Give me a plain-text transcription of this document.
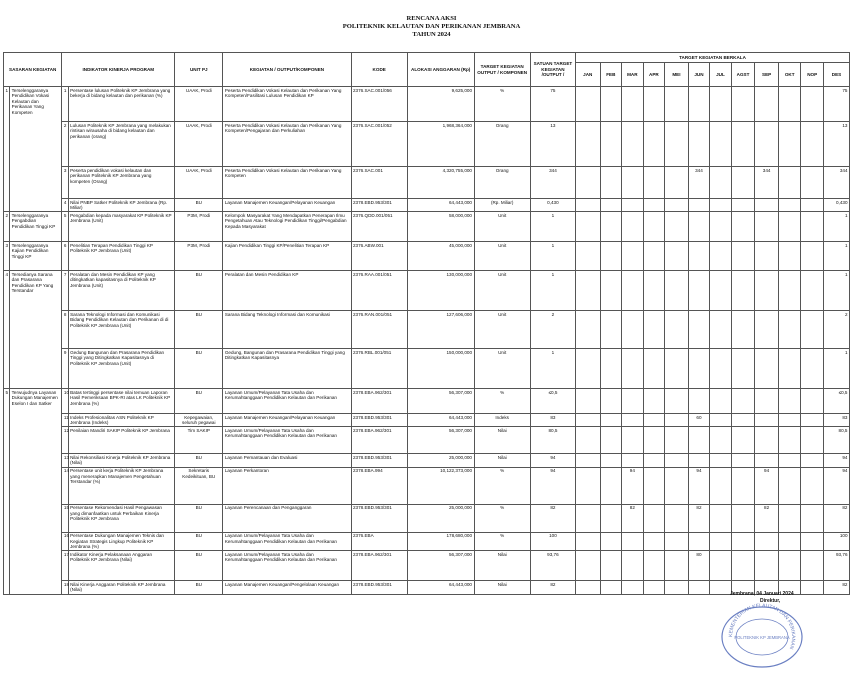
RENCANA AKSI
POLITEKNIK KELAUTAN DAN PERIKANAN JEMBRANA
TAHUN 2024
SASARAN KEGIATAN		INDIKATOR KINERJA PROGRAM		UNIT PJ	KEGIATAN / OUTPUT/KOMPONEN	KODE	ALOKASI ANGGARAN (Rp)	TARGET KEGIATAN OUTPUT / KOMPONEN	SATUAN TARGET KEGIATAN /OUTPUT /	TARGET KEGIATAN BERKALA											
										JAN	FEB	MAR	APR	MEI	JUN	JUL	AGST	SEP	OKT	NOP	DES
1	Terselenggaranya Pendidikan Vokasi Kelautan dan Perikanan Yang Kompeten	1	Persentase lulusan Politeknik KP Jembrana yang bekerja di bidang kelautan dan perikanan (%)	UAAK, Prodi	Peserta Pendidikan Vokasi Kelautan dan Perikanan Yang Kompeten/Fasilitasi Lulusan Pendidikan KP	2376.SAC.001/056	9,625,000	%	75												75
		2	Lulusan Politeknik KP Jembrana yang melakukan rintisan wirausaha di bidang kelautan dan perikanan (orang)	UAAK, Prodi	Peserta Pendidikan Vokasi Kelautan dan Perikanan Yang Kompeten/Pengajaran dan Perkuliahan	2376.SAC.001/052	1,968,364,000	Orang	13												13
		3	Peserta pendidikan vokasi kelautan dan perikanan Politeknik KP Jembrana yang kompeten (Orang)	UAAK, Prodi	Peserta Pendidikan Vokasi Kelautan dan Perikanan Yang Kompeten	2376.SAC.001	4,320,755,000	Orang	344						344			344			344
		4	Nilai PNBP Satker Politeknik KP Jembrana (Rp. Miliar)	BU	Layanan Manajemen Keuangan/Pelayanan Keuangan	2378.EBD.953/301	64,443,000	(Rp. Miliar)	0,430												0,430
2	Terselenggaranya Pengabdian Pendidikan Tinggi KP	5	Pengabdian kepada masyarakat KP Politeknik KP Jembrana (Unit)	P3M, Prodi	Kelompok Masyarakat Yang Mendapatkan Penerapan Ilmu Pengetahuan Atau Teknologi Pendidikan Tinggi/Pengabdian Kepada Masyarakat	2376.QDD.001/051	58,000,000	Unit	1												1
3	Terselenggaranya Kajian Pendidikan Tinggi KP	6	Penelitian Terapan Pendidikan Tinggi KP Politeknik KP Jembrana (Unit)	P3M, Prodi	Kajian Pendidikan Tinggi KP/Penelitian Terapan KP	2376.ABW.001	45,000,000	Unit	1												1
4	Tersedianya Sarana dan Prasarana Pendidikan KP Yang Terstandar	7	Peralatan dan Mesin Pendidikan KP yang ditingkatkan kapasitasnya di Politeknik KP Jembrana (Unit)	BU	Peralatan dan Mesin Pendidikan KP	2376.RAA.001/051	130,000,000	Unit	1												1
		8	Sarana Teknologi Informasi dan Komunikasi Bidang Pendidikan Kelautan dan Perikanan di di Politeknik KP Jembrana (Unit)	BU	Sarana Bidang Teknologi Informasi dan Komunikasi	2376.RAN.001/051	127,606,000	Unit	2												2
		9	Gedung Bangunan dan Prasarana Pendidikan Tinggi yang Ditingkatkan Kapasitasnya di Politeknik KP Jembrana (Unit)	BU	Gedung, Bangunan dan Prasarana Pendidikan Tinggi yang Ditingkatkan Kapasitasnya	2376.RBL.001/051	150,000,000	Unit	1												1
5	Terwujudnya Layanan Dukungan Manajemen Eselon I dan Satker	10	Batas tertinggi persentase nilai temuan Laporan Hasil Pemeriksaan BPK-RI atas LK Politeknik KP Jembrana (%)	BU	Layanan Umum/Pelayanan Tata Usaha dan Kerumahtanggaan Pendidikan Kelautan dan Perikanan	2378.EBA.962/301	56,307,000	%	≤0,5												≤0,5
		11	Indeks Profesionalitas ASN Politeknik KP Jembrana (Indeks)	Kepegawaian, seluruh pegawai	Layanan Manajemen Keuangan/Pelayanan Keuangan	2378.EBD.953/301	64,443,000	Indeks	83						60						83
		12	Penilaian Mandiri SAKIP Politeknik KP Jembrana	Tim SAKIP	Layanan Umum/Pelayanan Tata Usaha dan Kerumahtanggaan Pendidikan Kelautan dan Perikanan	2378.EBA.962/301	56,307,000	Nilai	80,5												80,5
		13	Nilai Rekonsiliasi Kinerja Politeknik KP Jembrana (Nilai)	BU	Layanan Pemantauan dan Evaluasi	2378.EBD.953/301	25,000,000	Nilai	94												94
		14	Persentase unit kerja Politeknik KP Jembrana yang menerapkan Manajemen Pengetahuan Terstandar (%)	Sekretaris Kedeikituan, BU	Layanan Perkantoran	2378.EBA.994	10,122,373,000	%	94			94			94			94			94
		15	Persentase Rekomendasi Hasil Pengawasan yang dimanfaatkan untuk Perbaikan Kinerja Politeknik KP Jembrana	BU	Layanan Perencanaan dan Penganggaran	2378.EBD.953/301	25,000,000	%	82			82			82			82			82
		16	Persentase Dukungan Manajemen Teknis dan Kegiatan Strategis Lingkup Politeknik KP Jembrana (%)	BU	Layanan Umum/Pelayanan Tata Usaha dan Kerumahtanggaan Pendidikan Kelautan dan Perikanan	2376.EBA	178,680,000	%	100												100
		17	Indikator Kinerja Pelaksanaan Anggaran Politeknik KP Jembrana (Nilai)	BU	Layanan Umum/Pelayanan Tata Usaha dan Kerumahtanggaan Pendidikan Kelautan dan Perikanan	2378.EBA.962/301	56,307,000	Nilai	93,76						80						93,76
		18	Nilai Kinerja Anggaran Politeknik KP Jembrana (Nilai)	BU	Layanan Manajemen Keuangan/Pengelolaan Keuangan	2378.EBD.953/301	64,443,000	Nilai	82												82
Jembrana, 04 Januari 2024
Direktur,
KEMENTERIAN KELAUTAN DAN PERIKANAN
POLITEKNIK KP JEMBRANA
